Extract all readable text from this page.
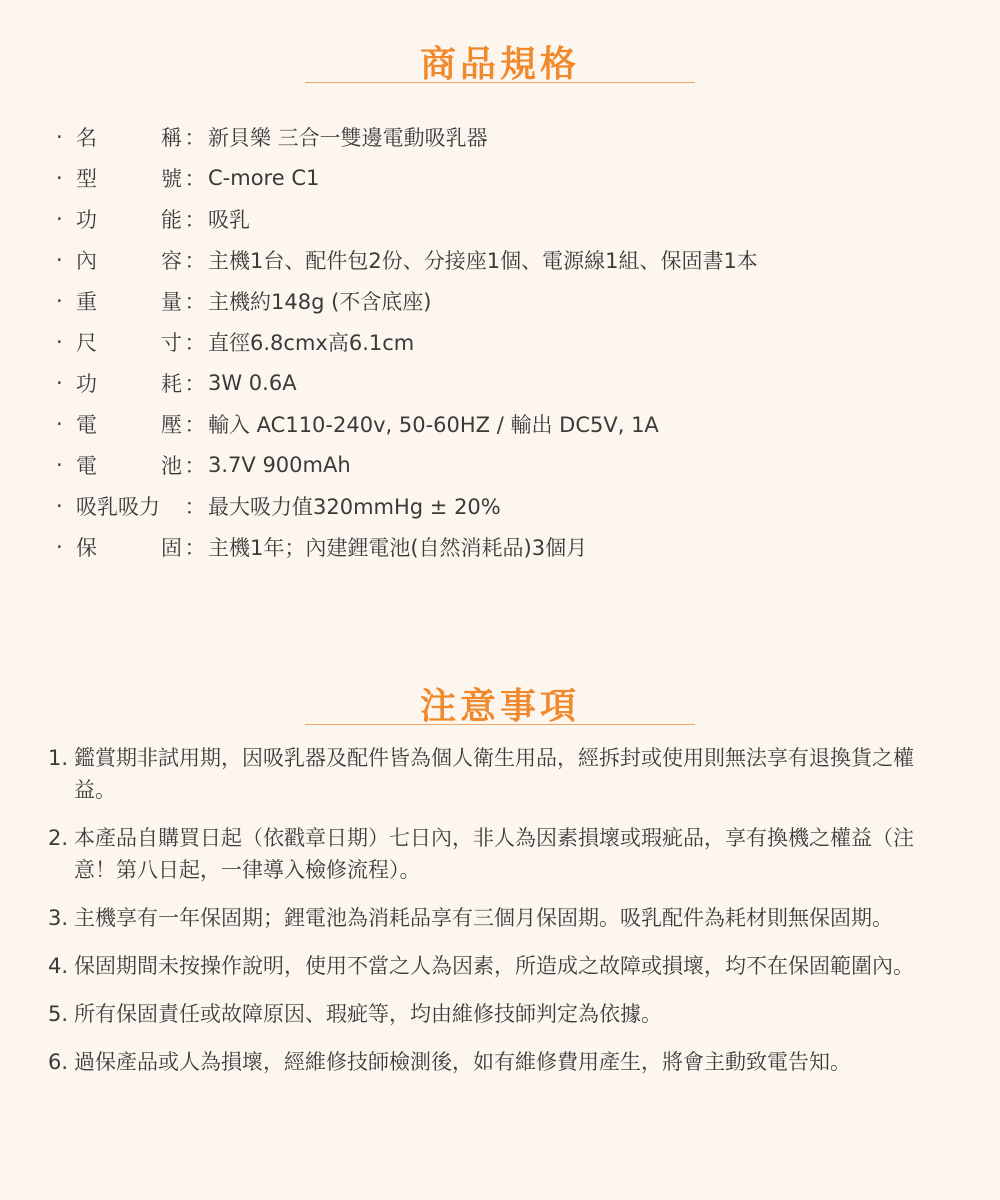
商品規格
· 名	稱 ： 新貝樂 三合一雙邊電動吸乳器
· 型	號 ： C-more C1
· 功	能 ： 吸乳
· 內	容 ： 主機1台、配件包2份、分接座1個、電源線1組、保固書1本
· 重	量 ： 主機約148g (不含底座)
· 尺	寸 ： 直徑6.8cmx高6.1cm
· 功	耗 ： 3W 0.6A
· 電	壓 ： 輸入 AC110-240v, 50-60HZ / 輸出 DC5V, 1A
· 電	池 ： 3.7V 900mAh
· 吸乳吸力 ： 最大吸力值320mmHg ± 20%
· 保	固 ： 主機1年；內建鋰電池(自然消耗品)3個月
注意事項
1. 鑑賞期非試用期，因吸乳器及配件皆為個人衛生用品，經拆封或使用則無法享有退換貨之權益。
2. 本產品自購買日起（依戳章日期）七日內，非人為因素損壞或瑕疵品，享有換機之權益（注意！第八日起，一律導入檢修流程）。
3. 主機享有一年保固期；鋰電池為消耗品享有三個月保固期。吸乳配件為耗材則無保固期。
4. 保固期間未按操作說明，使用不當之人為因素，所造成之故障或損壞，均不在保固範圍內。
5. 所有保固責任或故障原因、瑕疵等，均由維修技師判定為依據。
6. 過保產品或人為損壞，經維修技師檢測後，如有維修費用產生，將會主動致電告知。
